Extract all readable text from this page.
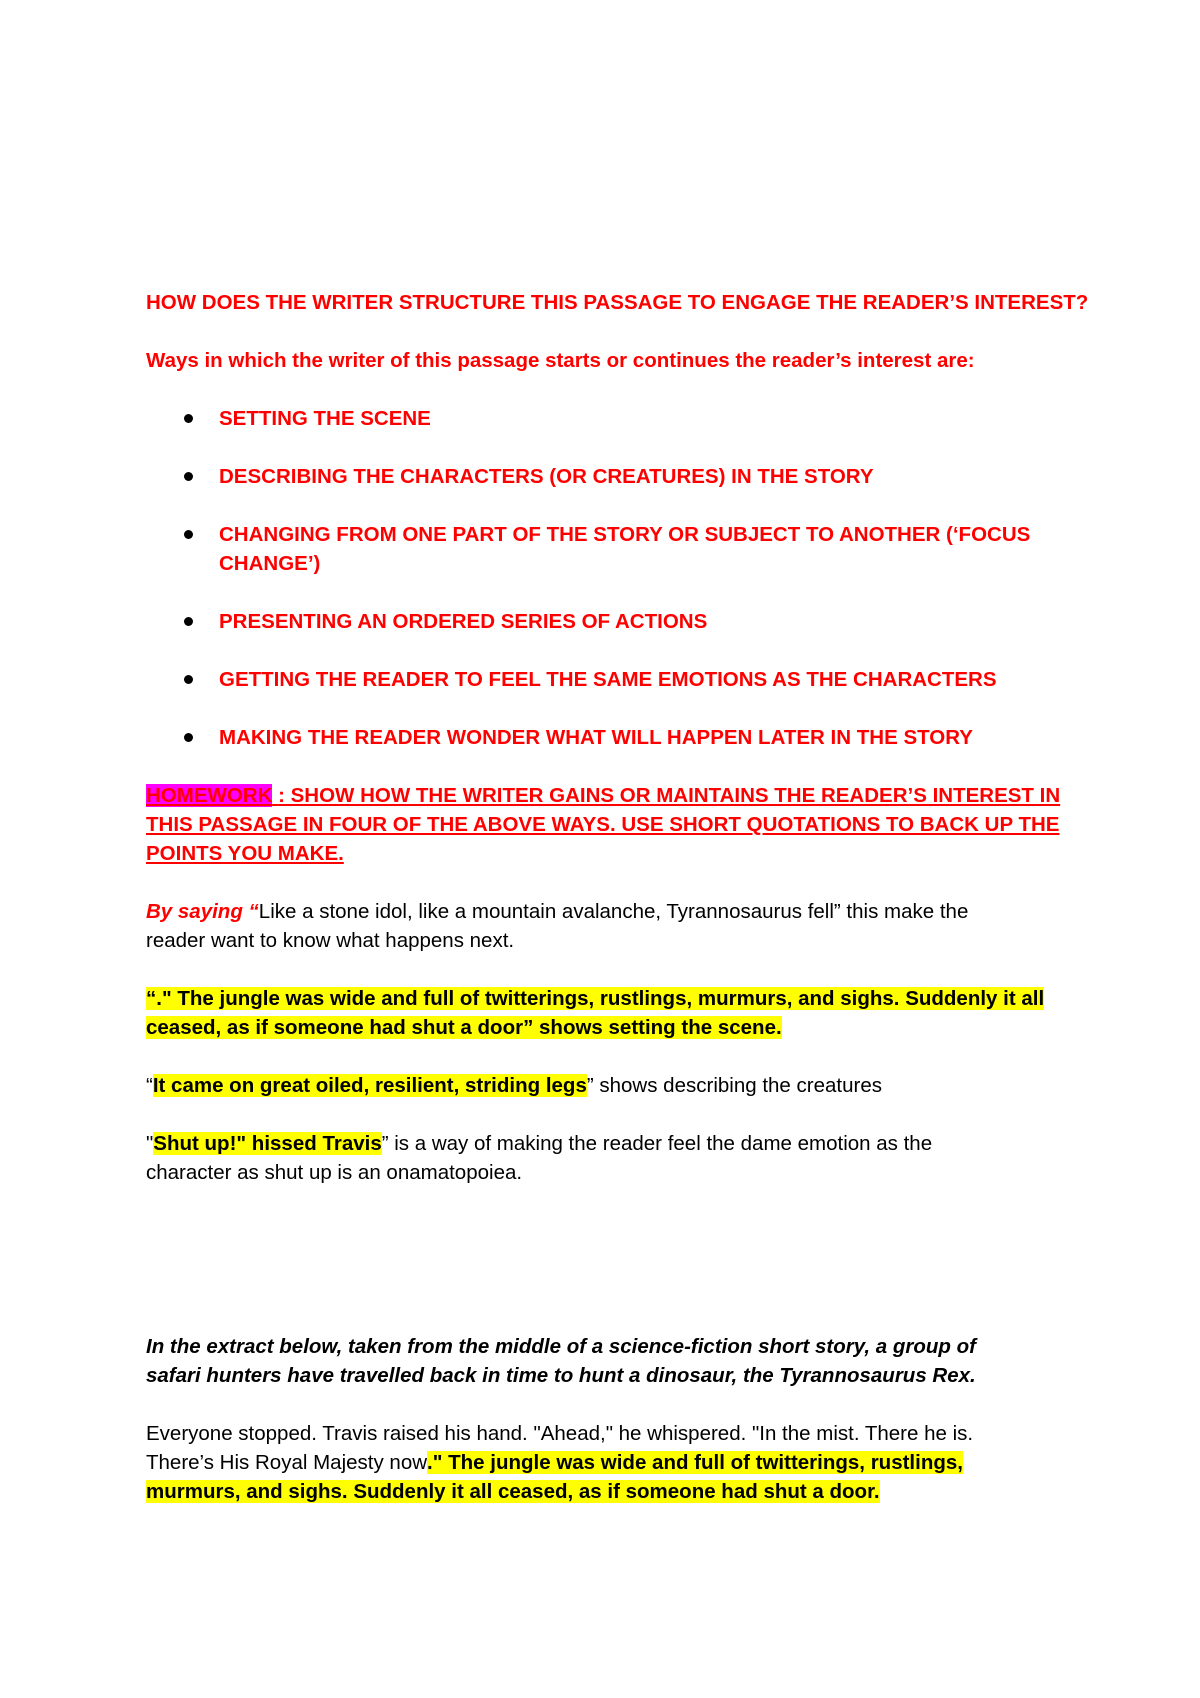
HOW DOES THE WRITER STRUCTURE THIS PASSAGE TO ENGAGE THE READER’S INTEREST?

Ways in which the writer of this passage starts or continues the reader’s interest are:

SETTING THE SCENE

DESCRIBING THE CHARACTERS (OR CREATURES) IN THE STORY

CHANGING FROM ONE PART OF THE STORY OR SUBJECT TO ANOTHER (‘FOCUS

CHANGE’)

PRESENTING AN ORDERED SERIES OF ACTIONS

GETTING THE READER TO FEEL THE SAME EMOTIONS AS THE CHARACTERS

MAKING THE READER WONDER WHAT WILL HAPPEN LATER IN THE STORY

HOMEWORK : SHOW HOW THE WRITER GAINS OR MAINTAINS THE READER’S INTEREST IN

THIS PASSAGE IN FOUR OF THE ABOVE WAYS. USE SHORT QUOTATIONS TO BACK UP THE

POINTS YOU MAKE.

By saying “Like a stone idol, like a mountain avalanche, Tyrannosaurus fell” this make the

reader want to know what happens next.

“." The jungle was wide and full of twitterings, rustlings, murmurs, and sighs. Suddenly it all

ceased, as if someone had shut a door” shows setting the scene.

“It came on great oiled, resilient, striding legs” shows describing the creatures

"Shut up!" hissed Travis” is a way of making the reader feel the dame emotion as the

character as shut up is an onamatopoiea.

In the extract below, taken from the middle of a science-fiction short story, a group of

safari hunters have travelled back in time to hunt a dinosaur, the Tyrannosaurus Rex.

Everyone stopped. Travis raised his hand. "Ahead," he whispered. "In the mist. There he is.

There’s His Royal Majesty now." The jungle was wide and full of twitterings, rustlings,

murmurs, and sighs. Suddenly it all ceased, as if someone had shut a door.
